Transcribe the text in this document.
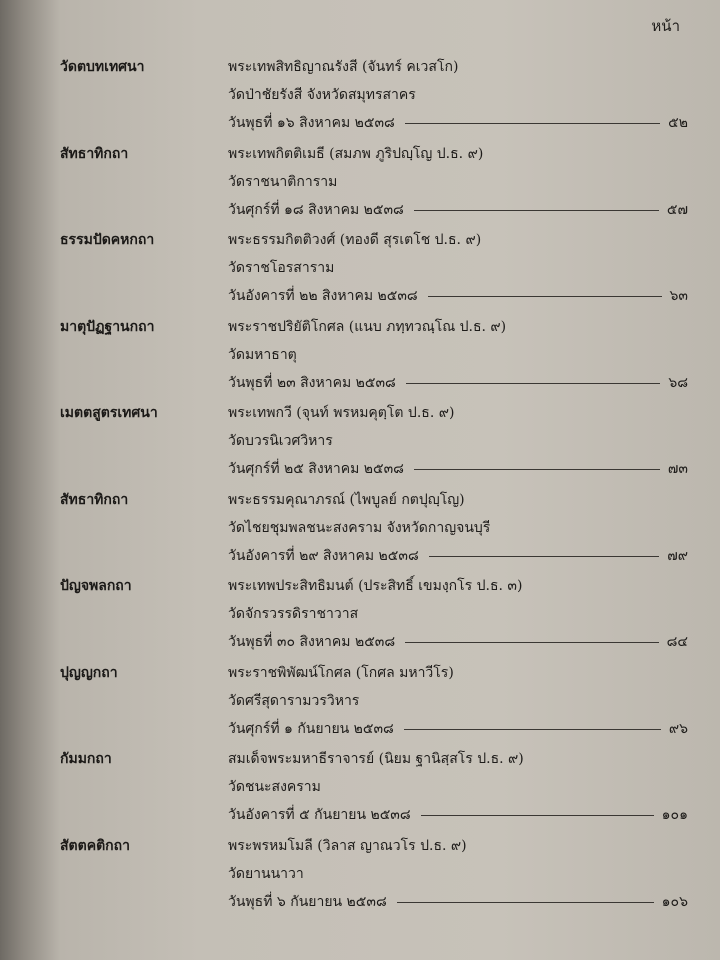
หน้า
วัดตบทเทศนา	พระเทพสิทธิญาณรังสี (จันทร์ คเวสโก)
วัดป่าชัยรังสี จังหวัดสมุทรสาคร
วันพุธที่ ๑๖ สิงหาคม ๒๕๓๘	๕๒
สัทธาทิกถา	พระเทพกิตติเมธี (สมภพ ภูริปญฺโญ ป.ธ. ๙)
วัดราชนาติการาม
วันศุกร์ที่ ๑๘ สิงหาคม ๒๕๓๘	๕๗
ธรรมปัดคหกถา	พระธรรมกิตติวงศ์ (ทองดี สุรเตโช ป.ธ. ๙)
วัดราชโอรสาราม
วันอังคารที่ ๒๒ สิงหาคม ๒๕๓๘	๖๓
มาตุปัฏฐานกถา	พระราชปริยัติโกศล (แนบ ภทฺทวณฺโณ ป.ธ. ๙)
วัดมหาธาตุ
วันพุธที่ ๒๓ สิงหาคม ๒๕๓๘	๖๘
เมตตสูตรเทศนา	พระเทพกวี (จุนท์ พรหมคุตฺโต ป.ธ. ๙)
วัดบวรนิเวศวิหาร
วันศุกร์ที่ ๒๕ สิงหาคม ๒๕๓๘	๗๓
สัทธาทิกถา	พระธรรมคุณาภรณ์ (ไพบูลย์ กตปุญฺโญ)
วัดไชยชุมพลชนะสงคราม จังหวัดกาญจนบุรี
วันอังคารที่ ๒๙ สิงหาคม ๒๕๓๘	๗๙
ปัญจพลกถา	พระเทพประสิทธิมนต์ (ประสิทธิ์ เขมงฺกโร ป.ธ. ๓)
วัดจักรวรรดิราชาวาส
วันพุธที่ ๓๐ สิงหาคม ๒๕๓๘	๘๔
ปุญญกถา	พระราชพิพัฒน์โกศล (โกศล มหาวีโร)
วัดศรีสุดารามวรวิหาร
วันศุกร์ที่ ๑ กันยายน ๒๕๓๘	๙๖
กัมมกถา	สมเด็จพระมหาธีราจารย์ (นิยม ฐานิสฺสโร ป.ธ. ๙)
วัดชนะสงคราม
วันอังคารที่ ๕ กันยายน ๒๕๓๘	๑๐๑
สัตตคติกถา	พระพรหมโมลี (วิลาส ญาณวโร ป.ธ. ๙)
วัดยานนาวา
วันพุธที่ ๖ กันยายน ๒๕๓๘	๑๐๖
